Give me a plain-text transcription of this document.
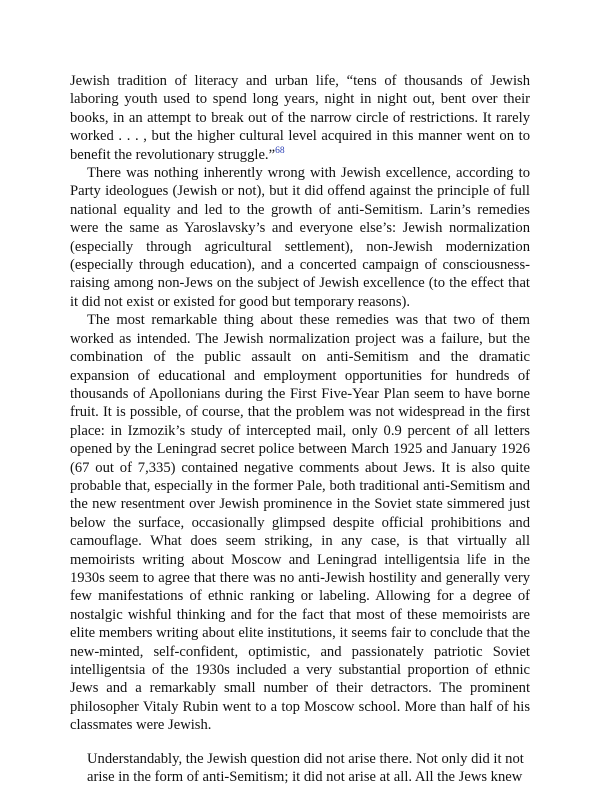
Jewish tradition of literacy and urban life, “tens of thousands of Jewish laboring youth used to spend long years, night in night out, bent over their books, in an attempt to break out of the narrow circle of restrictions. It rarely worked . . . , but the higher cultural level acquired in this manner went on to benefit the revolutionary struggle.”$^{68}$

There was nothing inherently wrong with Jewish excellence, according to Party ideologues (Jewish or not), but it did offend against the principle of full national equality and led to the growth of anti-Semitism. Larin’s remedies were the same as Yaroslavsky’s and everyone else’s: Jewish normalization (especially through agricultural settlement), non-Jewish modernization (especially through education), and a concerted campaign of consciousness-raising among non-Jews on the subject of Jewish excellence (to the effect that it did not exist or existed for good but temporary reasons).

The most remarkable thing about these remedies was that two of them worked as intended. The Jewish normalization project was a failure, but the combination of the public assault on anti-Semitism and the dramatic expansion of educational and employment opportunities for hundreds of thousands of Apollonians during the First Five-Year Plan seem to have borne fruit. It is possible, of course, that the problem was not widespread in the first place: in Izmozik’s study of intercepted mail, only 0.9 percent of all letters opened by the Leningrad secret police between March 1925 and January 1926 (67 out of 7,335) contained negative comments about Jews. It is also quite probable that, especially in the former Pale, both traditional anti-Semitism and the new resentment over Jewish prominence in the Soviet state simmered just below the surface, occasionally glimpsed despite official prohibitions and camouflage. What does seem striking, in any case, is that virtually all memoirists writing about Moscow and Leningrad intelligentsia life in the 1930s seem to agree that there was no anti-Jewish hostility and generally very few manifestations of ethnic ranking or labeling. Allowing for a degree of nostalgic wishful thinking and for the fact that most of these memoirists are elite members writing about elite institutions, it seems fair to conclude that the new-minted, self-confident, optimistic, and passionately patriotic Soviet intelligentsia of the 1930s included a very substantial proportion of ethnic Jews and a remarkably small number of their detractors. The prominent philosopher Vitaly Rubin went to a top Moscow school. More than half of his classmates were Jewish.

Understandably, the Jewish question did not arise there. Not only did it not arise in the form of anti-Semitism; it did not arise at all. All the Jews knew
